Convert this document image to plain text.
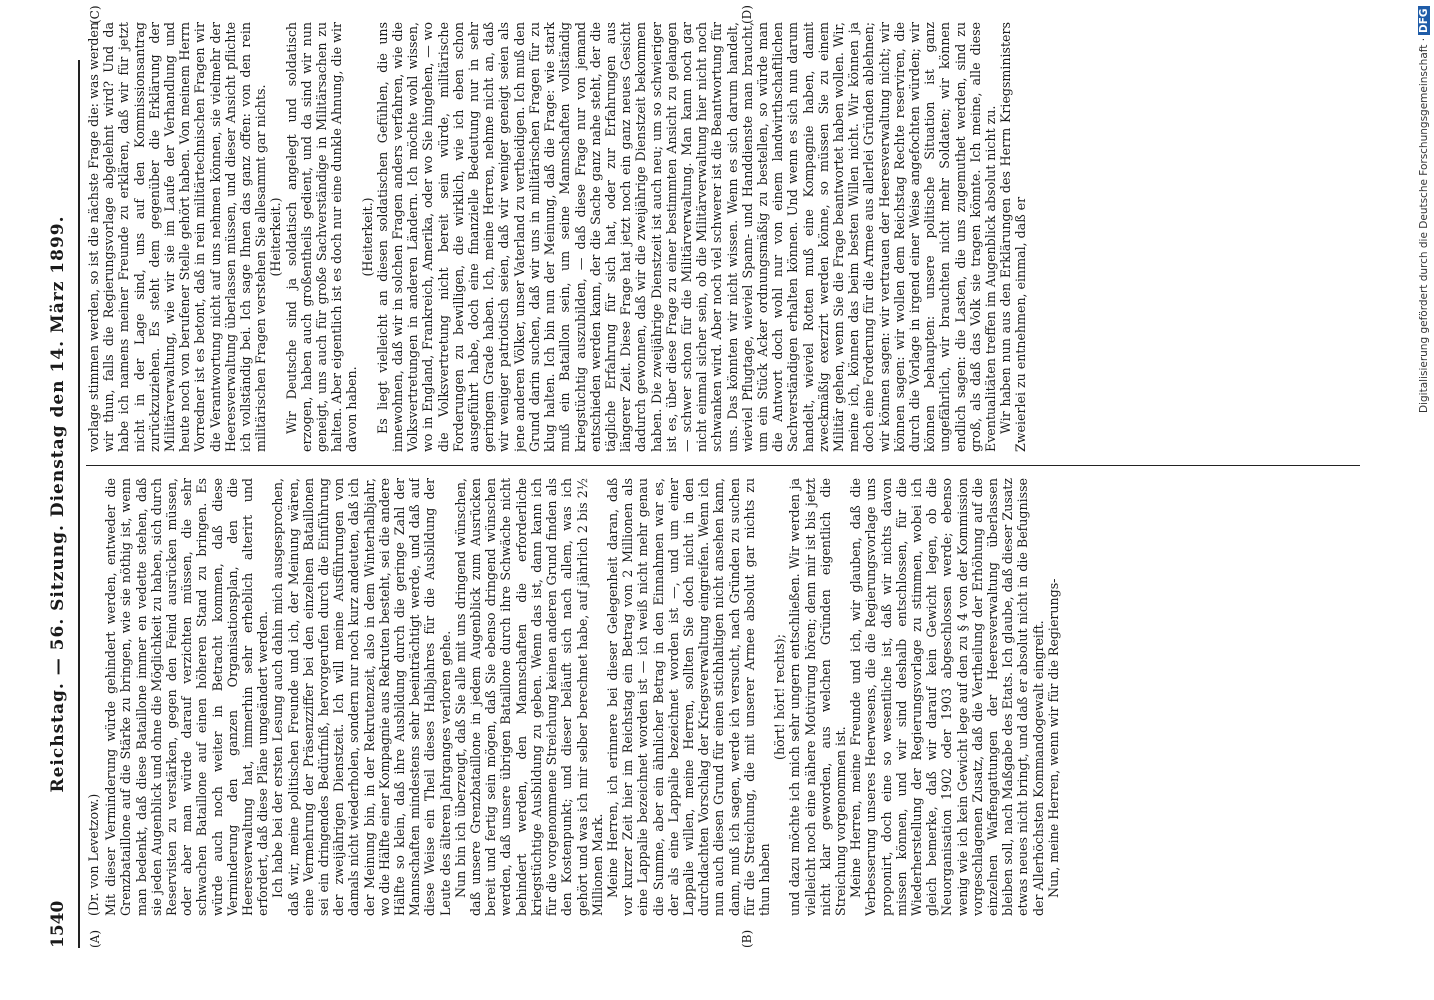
1540
Reichstag. — 56. Sitzung. Dienstag den 14. März 1899.
(A)	(B)
(C)	(D)

(Dr. von Levetzow.) Mit dieser Verminderung würde gehindert werden, entweder die Grenzbataillone auf die Stärke zu bringen, wie sie nöthig ist, wenn man bedenkt, daß diese Bataillone immer en vedette stehen, daß sie jeden Augenblick und ohne die Möglichkeit zu haben, sich durch Reservisten zu verstärken, gegen den Feind ausrücken müssen, oder aber man würde darauf verzichten müssen, die sehr schwachen Bataillone auf einen höheren Stand zu bringen. Es würde auch noch weiter in Betracht kommen, daß diese Verminderung den ganzen Organisationsplan, den die Heeresverwaltung hat, immerhin sehr erheblich alterirt und erfordert, daß diese Pläne umgeändert werden. Ich habe bei der ersten Lesung auch dahin mich ausgesprochen, daß wir, meine politischen Freunde und ich, der Meinung wären, eine Vermehrung der Präsenzziffer bei den einzelnen Bataillonen sei ein dringendes Bedürfniß, hervorgerufen durch die Einführung der zweijährigen Dienstzeit. Ich will meine Ausführungen von damals nicht wiederholen, sondern nur noch kurz andeuten, daß ich der Meinung bin, in der Rekrutenzeit, also in dem Winterhalbjahr, wo die Hälfte einer Kompagnie aus Rekruten besteht, sei die andere Hälfte so klein, daß ihre Ausbildung durch die geringe Zahl der Mannschaften mindestens sehr beeinträchtigt werde, und daß auf diese Weise ein Theil dieses Halbjahres für die Ausbildung der Leute des älteren Jahrganges verloren gehe. Nun bin ich überzeugt, daß Sie alle mit uns dringend wünschen, daß unsere Grenzbataillone in jedem Augenblick zum Ausrücken bereit und fertig sein mögen, daß Sie ebenso dringend wünschen werden, daß unsere übrigen Bataillone durch ihre Schwäche nicht behindert werden, den Mannschaften die erforderliche kriegstüchtige Ausbildung zu geben. Wenn das ist, dann kann ich für die vorgenommene Streichung keinen anderen Grund finden als den Kostenpunkt; und dieser beläuft sich nach allem, was ich gehört und was ich mir selber berechnet habe, auf jährlich 2 bis 2½ Millionen Mark. Meine Herren, ich erinnere bei dieser Gelegenheit daran, daß vor kurzer Zeit hier im Reichstag ein Betrag von 2 Millionen als eine Lappalie bezeichnet worden ist — ich weiß nicht mehr genau die Summe, aber ein ähnlicher Betrag in den Einnahmen war es, der als eine Lappalie bezeichnet worden ist —, und um einer Lappalie willen, meine Herren, sollten Sie doch nicht in den durchdachten Vorschlag der Kriegsverwaltung eingreifen. Wenn ich nun auch diesen Grund für einen stichhaltigen nicht ansehen kann, dann, muß ich sagen, werde ich versucht, nach Gründen zu suchen für die Streichung, die mit unserer Armee absolut gar nichts zu thun haben

(hört! hört! rechts); und dazu möchte ich mich sehr ungern entschließen. Wir werden ja vielleicht noch eine nähere Motivirung hören; denn mir ist bis jetzt nicht klar geworden, aus welchen Gründen eigentlich die Streichung vorgenommen ist. Meine Herren, meine Freunde und ich, wir glauben, daß die Verbesserung unseres Heerwesens, die die Regierungsvorlage uns proponirt, doch eine so wesentliche ist, daß wir nichts davon missen können, und wir sind deshalb entschlossen, für die Wiederherstellung der Regierungsvorlage zu stimmen, wobei ich gleich bemerke, daß wir darauf kein Gewicht legen, ob die Neuorganisation 1902 oder 1903 abgeschlossen werde; ebenso wenig wie ich kein Gewicht lege auf den zu § 4 von der Kommission vorgeschlagenen Zusatz, daß die Vertheilung der Erhöhung auf die einzelnen Waffengattungen der Heeresverwaltung überlassen bleiben soll, nach Maßgabe des Etats. Ich glaube, daß dieser Zusatz etwas neues nicht bringt, und daß er absolut nicht in die Befugnisse der Allerhöchsten Kommandogewalt eingreift. Nun, meine Herren, wenn wir für die Regierungs-

vorlage stimmen werden, so ist die nächste Frage die: was werden wir thun, falls die Regierungsvorlage abgelehnt wird? Und da habe ich namens meiner Freunde zu erklären, daß wir für jetzt nicht in der Lage sind, uns auf den Kommissionsantrag zurückzuziehen. Es steht dem gegenüber die Erklärung der Militärverwaltung, wie wir sie im Laufe der Verhandlung und heute noch von berufener Stelle gehört haben. Von meinem Herrn Vorredner ist es betont, daß in rein militärtechnischen Fragen wir die Verantwortung nicht auf uns nehmen können, sie vielmehr der Heeresverwaltung überlassen müssen, und dieser Ansicht pflichte ich vollständig bei. Ich sage Ihnen das ganz offen: von den rein militärischen Fragen verstehen Sie allesammt gar nichts. (Heiterkeit.) Wir Deutsche sind ja soldatisch angelegt und soldatisch erzogen, haben auch großentheils gedient, und da sind wir nun geneigt, uns auch für große Sachverständige in Militärsachen zu halten. Aber eigentlich ist es doch nur eine dunkle Ahnung, die wir davon haben.

(Heiterkeit.) Es liegt vielleicht an diesen soldatischen Gefühlen, die uns innewohnen, daß wir in solchen Fragen anders verfahren, wie die Volksvertretungen in anderen Ländern. Ich möchte wohl wissen, wo in England, Frankreich, Amerika, oder wo Sie hingehen, — wo die Volksvertretung nicht bereit sein würde, militärische Forderungen zu bewilligen, die wirklich, wie ich eben schon ausgeführt habe, doch eine finanzielle Bedeutung nur in sehr geringem Grade haben. Ich, meine Herren, nehme nicht an, daß wir weniger patriotisch seien, daß wir weniger geneigt seien als jene anderen Völker, unser Vaterland zu vertheidigen. Ich muß den Grund darin suchen, daß wir uns in militärischen Fragen für zu klug halten. Ich bin nun der Meinung, daß die Frage: wie stark muß ein Bataillon sein, um seine Mannschaften vollständig kriegstüchtig auszubilden, — daß diese Frage nur von jemand entschieden werden kann, der die Sache ganz nahe steht, der die tägliche Erfahrung für sich hat, oder zur Erfahrungen aus längerer Zeit. Diese Frage hat jetzt noch ein ganz neues Gesicht dadurch gewonnen, daß wir die zweijährige Dienstzeit bekommen haben. Die zweijährige Dienstzeit ist auch neu; um so schwieriger ist es, über diese Frage zu einer bestimmten Ansicht zu gelangen — schwer schon für die Militärverwaltung. Man kann noch gar nicht einmal sicher sein, ob die Militärverwaltung hier nicht noch schwanken wird. Aber noch viel schwerer ist die Beantwortung für uns. Das könnten wir nicht wissen. Wenn es sich darum handelt, wieviel Pflugtage, wieviel Spann- und Handdienste man braucht, um ein Stück Acker ordnungsmäßig zu bestellen, so würde man die Antwort doch wohl nur von einem landwirthschaftlichen Sachverständigen erhalten können. Und wenn es sich nun darum handelt, wieviel Rotten muß eine Kompagnie haben, damit zweckmäßig exerzirt werden könne, so müssen Sie zu einem Militär gehen, wenn Sie die Frage beantwortet haben wollen. Wir, meine ich, können das beim besten Willen nicht. Wir können ja doch eine Forderung für die Armee aus allerlei Gründen ablehnen; wir können sagen: wir vertrauen der Heeresverwaltung nicht; wir können sagen: wir wollen dem Reichstag Rechte reserviren, die durch die Vorlage in irgend einer Weise angefochten würden; wir können behaupten: unsere politische Situation ist ganz ungefährlich, wir brauchten nicht mehr Soldaten; wir können endlich sagen: die Lasten, die uns zugemuthet werden, sind zu groß, als daß das Volk sie tragen könnte. Ich meine, alle diese Eventualitäten treffen im Augenblick absolut nicht zu. Wir haben nun aus den Erklärungen des Herrn Kriegsministers Zweierlei zu entnehmen, einmal, daß er	Digitalisierung gefördert durch die Deutsche Forschungsgemeinschaft · DFG
